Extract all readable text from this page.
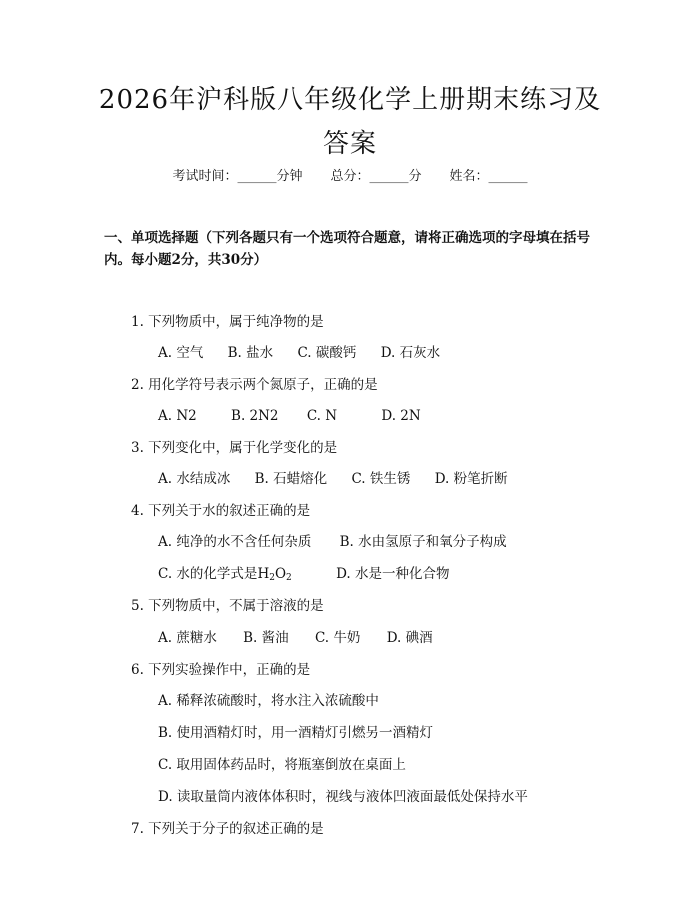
2026年沪科版八年级化学上册期末练习及答案
考试时间：______分钟 总分：______分 姓名：______
一、单项选择题（下列各题只有一个选项符合题意，请将正确选项的字母填在括号内。每小题2分，共30分）
1. 下列物质中，属于纯净物的是
A. 空气 B. 盐水 C. 碳酸钙 D. 石灰水
2. 用化学符号表示两个氮原子，正确的是
A. N2	B. 2N2 C. N	D. 2N
3. 下列变化中，属于化学变化的是
A. 水结成冰 B. 石蜡熔化 C. 铁生锈 D. 粉笔折断
4. 下列关于水的叙述正确的是
A. 纯净的水不含任何杂质 B. 水由氢原子和氧分子构成
C. 水的化学式是$H_2O_2$	D. 水是一种化合物
5. 下列物质中，不属于溶液的是
A. 蔗糖水 B. 酱油 C. 牛奶 D. 碘酒
6. 下列实验操作中，正确的是
A. 稀释浓硫酸时，将水注入浓硫酸中
B. 使用酒精灯时，用一酒精灯引燃另一酒精灯
C. 取用固体药品时，将瓶塞倒放在桌面上
D. 读取量筒内液体体积时，视线与液体凹液面最低处保持水平
7. 下列关于分子的叙述正确的是
